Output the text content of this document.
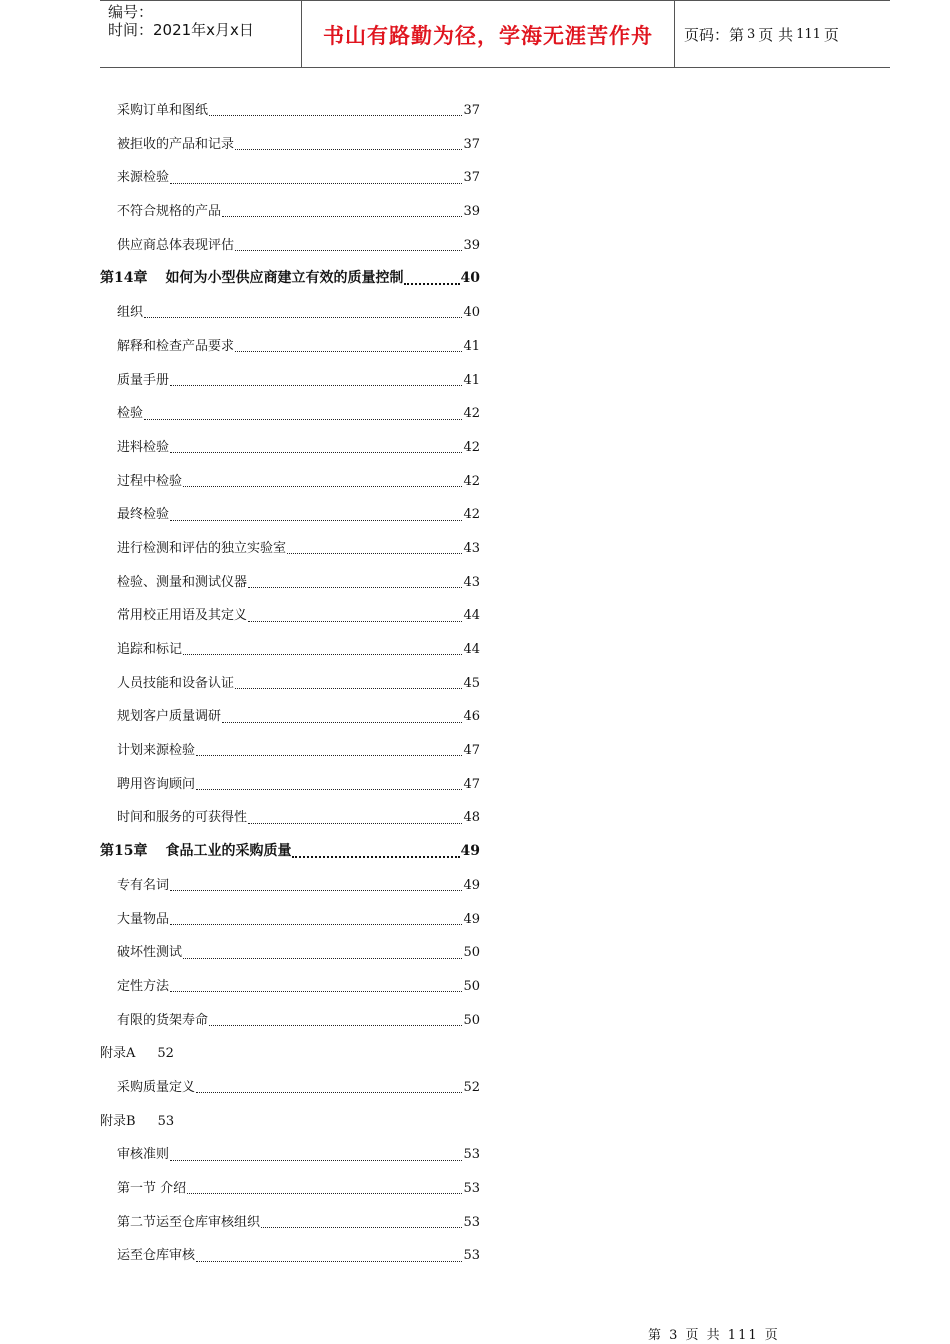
编号：
时间：2021年x月x日	书山有路勤为径，学海无涯苦作舟	页码：第 3 页 共 111 页
采购订单和图纸	37
被拒收的产品和记录	37
来源检验	37
不符合规格的产品	39
供应商总体表现评估	39
第14章 如何为小型供应商建立有效的质量控制	40
组织	40
解释和检查产品要求	41
质量手册	41
检验	42
进料检验	42
过程中检验	42
最终检验	42
进行检测和评估的独立实验室	43
检验、测量和测试仪器	43
常用校正用语及其定义	44
追踪和标记	44
人员技能和设备认证	45
规划客户质量调研	46
计划来源检验	47
聘用咨询顾问	47
时间和服务的可获得性	48
第15章 食品工业的采购质量	49
专有名词	49
大量物品	49
破坏性测试	50
定性方法	50
有限的货架寿命	50
附录A 52
采购质量定义	52
附录B 53
审核准则	53
第一节 介绍	53
第二节运至仓库审核组织	53
运至仓库审核	53
第 3 页 共 111 页
